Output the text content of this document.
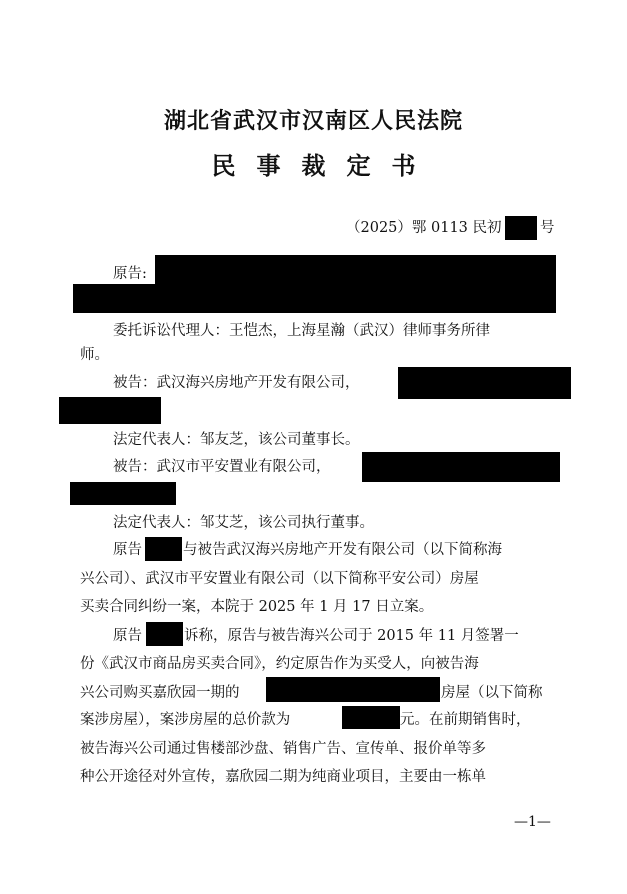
湖北省武汉市汉南区人民法院
民事裁定书
（2025）鄂 0113 民初	号
原告:
委托诉讼代理人：王恺杰，上海星瀚（武汉）律师事务所律
师。
被告：武汉海兴房地产开发有限公司，
法定代表人：邹友芝，该公司董事长。
被告：武汉市平安置业有限公司，
法定代表人：邹艾芝，该公司执行董事。
原告	与被告武汉海兴房地产开发有限公司（以下简称海
兴公司）、武汉市平安置业有限公司（以下简称平安公司）房屋
买卖合同纠纷一案，本院于 2025 年 1 月 17 日立案。
原告	诉称，原告与被告海兴公司于 2015 年 11 月签署一
份《武汉市商品房买卖合同》，约定原告作为买受人，向被告海
兴公司购买嘉欣园一期的	房屋（以下简称
案涉房屋），案涉房屋的总价款为	元。在前期销售时，
被告海兴公司通过售楼部沙盘、销售广告、宣传单、报价单等多
种公开途径对外宣传，嘉欣园二期为纯商业项目，主要由一栋单
—1—
